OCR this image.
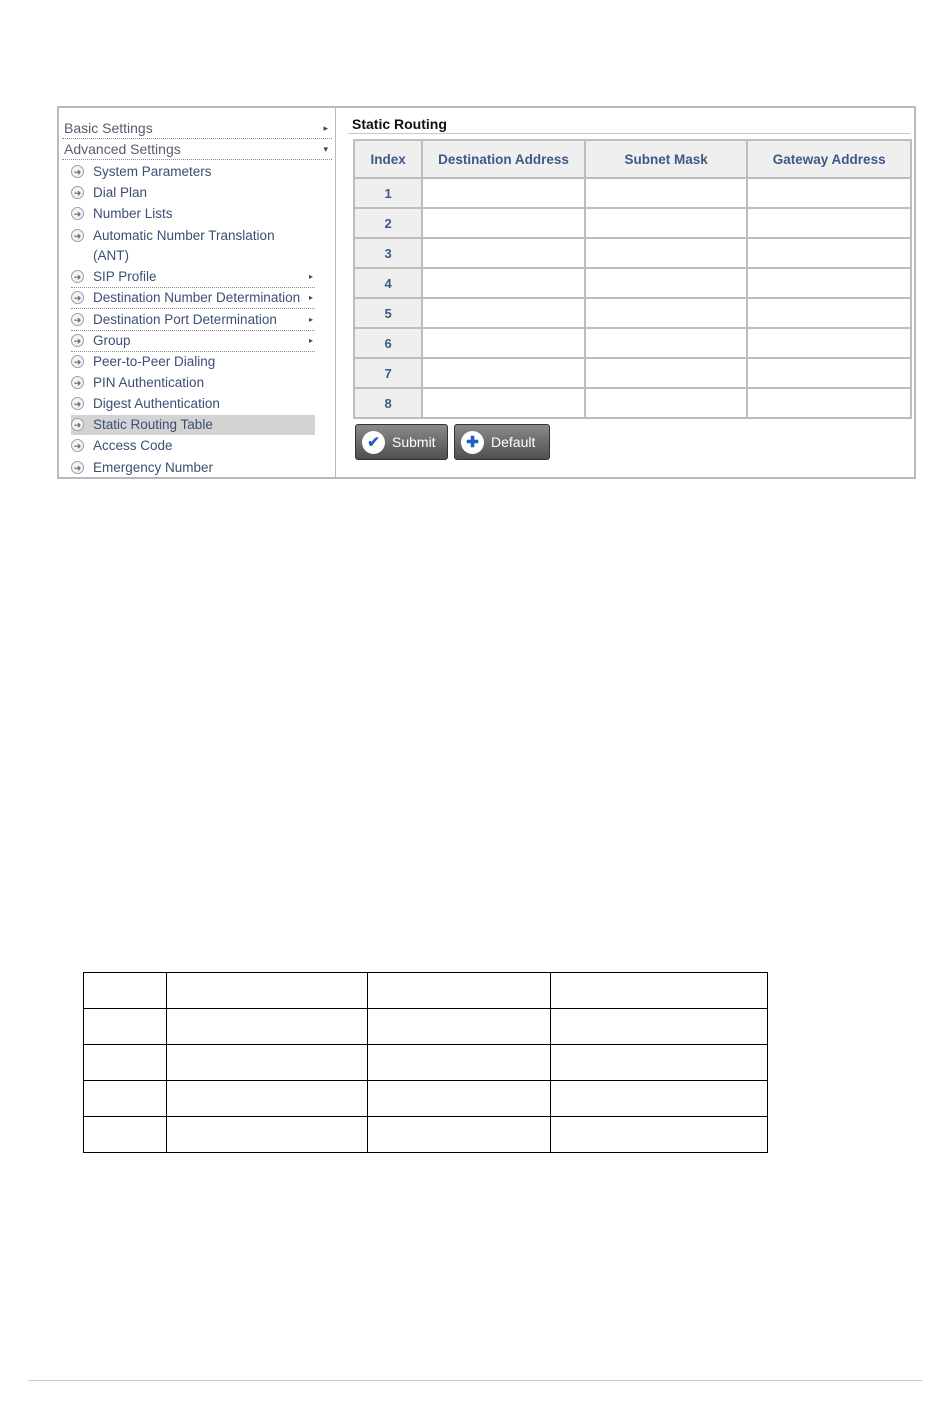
Basic Settings	▸
Advanced Settings	▾
➜ System Parameters
➜ Dial Plan
➜ Number Lists
➜ Automatic Number Translation
(ANT)
➜ SIP Profile	▸
➜ Destination Number Determination ▸
➜ Destination Port Determination	▸
➜ Group	▸
➜ Peer-to-Peer Dialing
➜ PIN Authentication
➜ Digest Authentication
➜ Static Routing Table
➜ Access Code
➜ Emergency Number
Static Routing
Index	Destination Address	Subnet Mask	Gateway Address
1			
2			
3			
4			
5			
6			
7			
8			
✔ Submit	✚ Default
